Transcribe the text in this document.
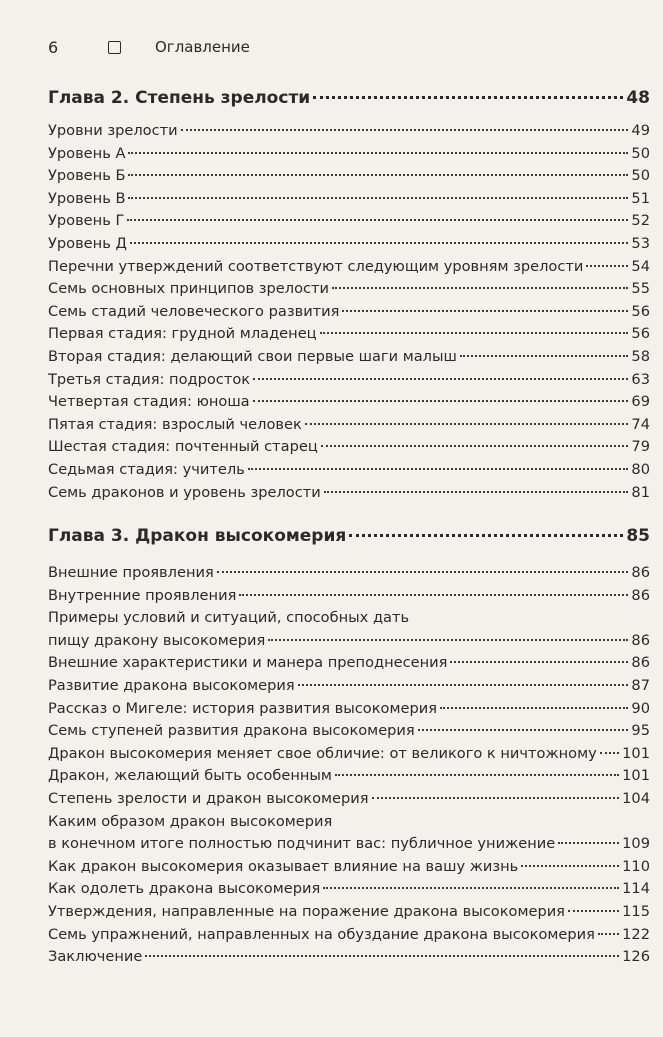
6	Оглавление
Глава 2. Степень зрелости	48
Уровни зрелости	49
Уровень А	50
Уровень Б	50
Уровень В	51
Уровень Г	52
Уровень Д	53
Перечни утверждений соответствуют следующим уровням зрелости	54
Семь основных принципов зрелости	55
Семь стадий человеческого развития	56
Первая стадия: грудной младенец	56
Вторая стадия: делающий свои первые шаги малыш	58
Третья стадия: подросток	63
Четвертая стадия: юноша	69
Пятая стадия: взрослый человек	74
Шестая стадия: почтенный старец	79
Седьмая стадия: учитель	80
Семь драконов и уровень зрелости	81
Глава 3. Дракон высокомерия	85
Внешние проявления	86
Внутренние проявления	86
Примеры условий и ситуаций, способных дать
пищу дракону высокомерия	86
Внешние характеристики и манера преподнесения	86
Развитие дракона высокомерия	87
Рассказ о Мигеле: история развития высокомерия	90
Семь ступеней развития дракона высокомерия	95
Дракон высокомерия меняет свое обличие: от великого к ничтожному 101
Дракон, желающий быть особенным	101
Степень зрелости и дракон высокомерия	104
Каким образом дракон высокомерия
в конечном итоге полностью подчинит вас: публичное унижение	109
Как дракон высокомерия оказывает влияние на вашу жизнь	110
Как одолеть дракона высокомерия	114
Утверждения, направленные на поражение дракона высокомерия	115
Семь упражнений, направленных на обуздание дракона высокомерия 122
Заключение	126
